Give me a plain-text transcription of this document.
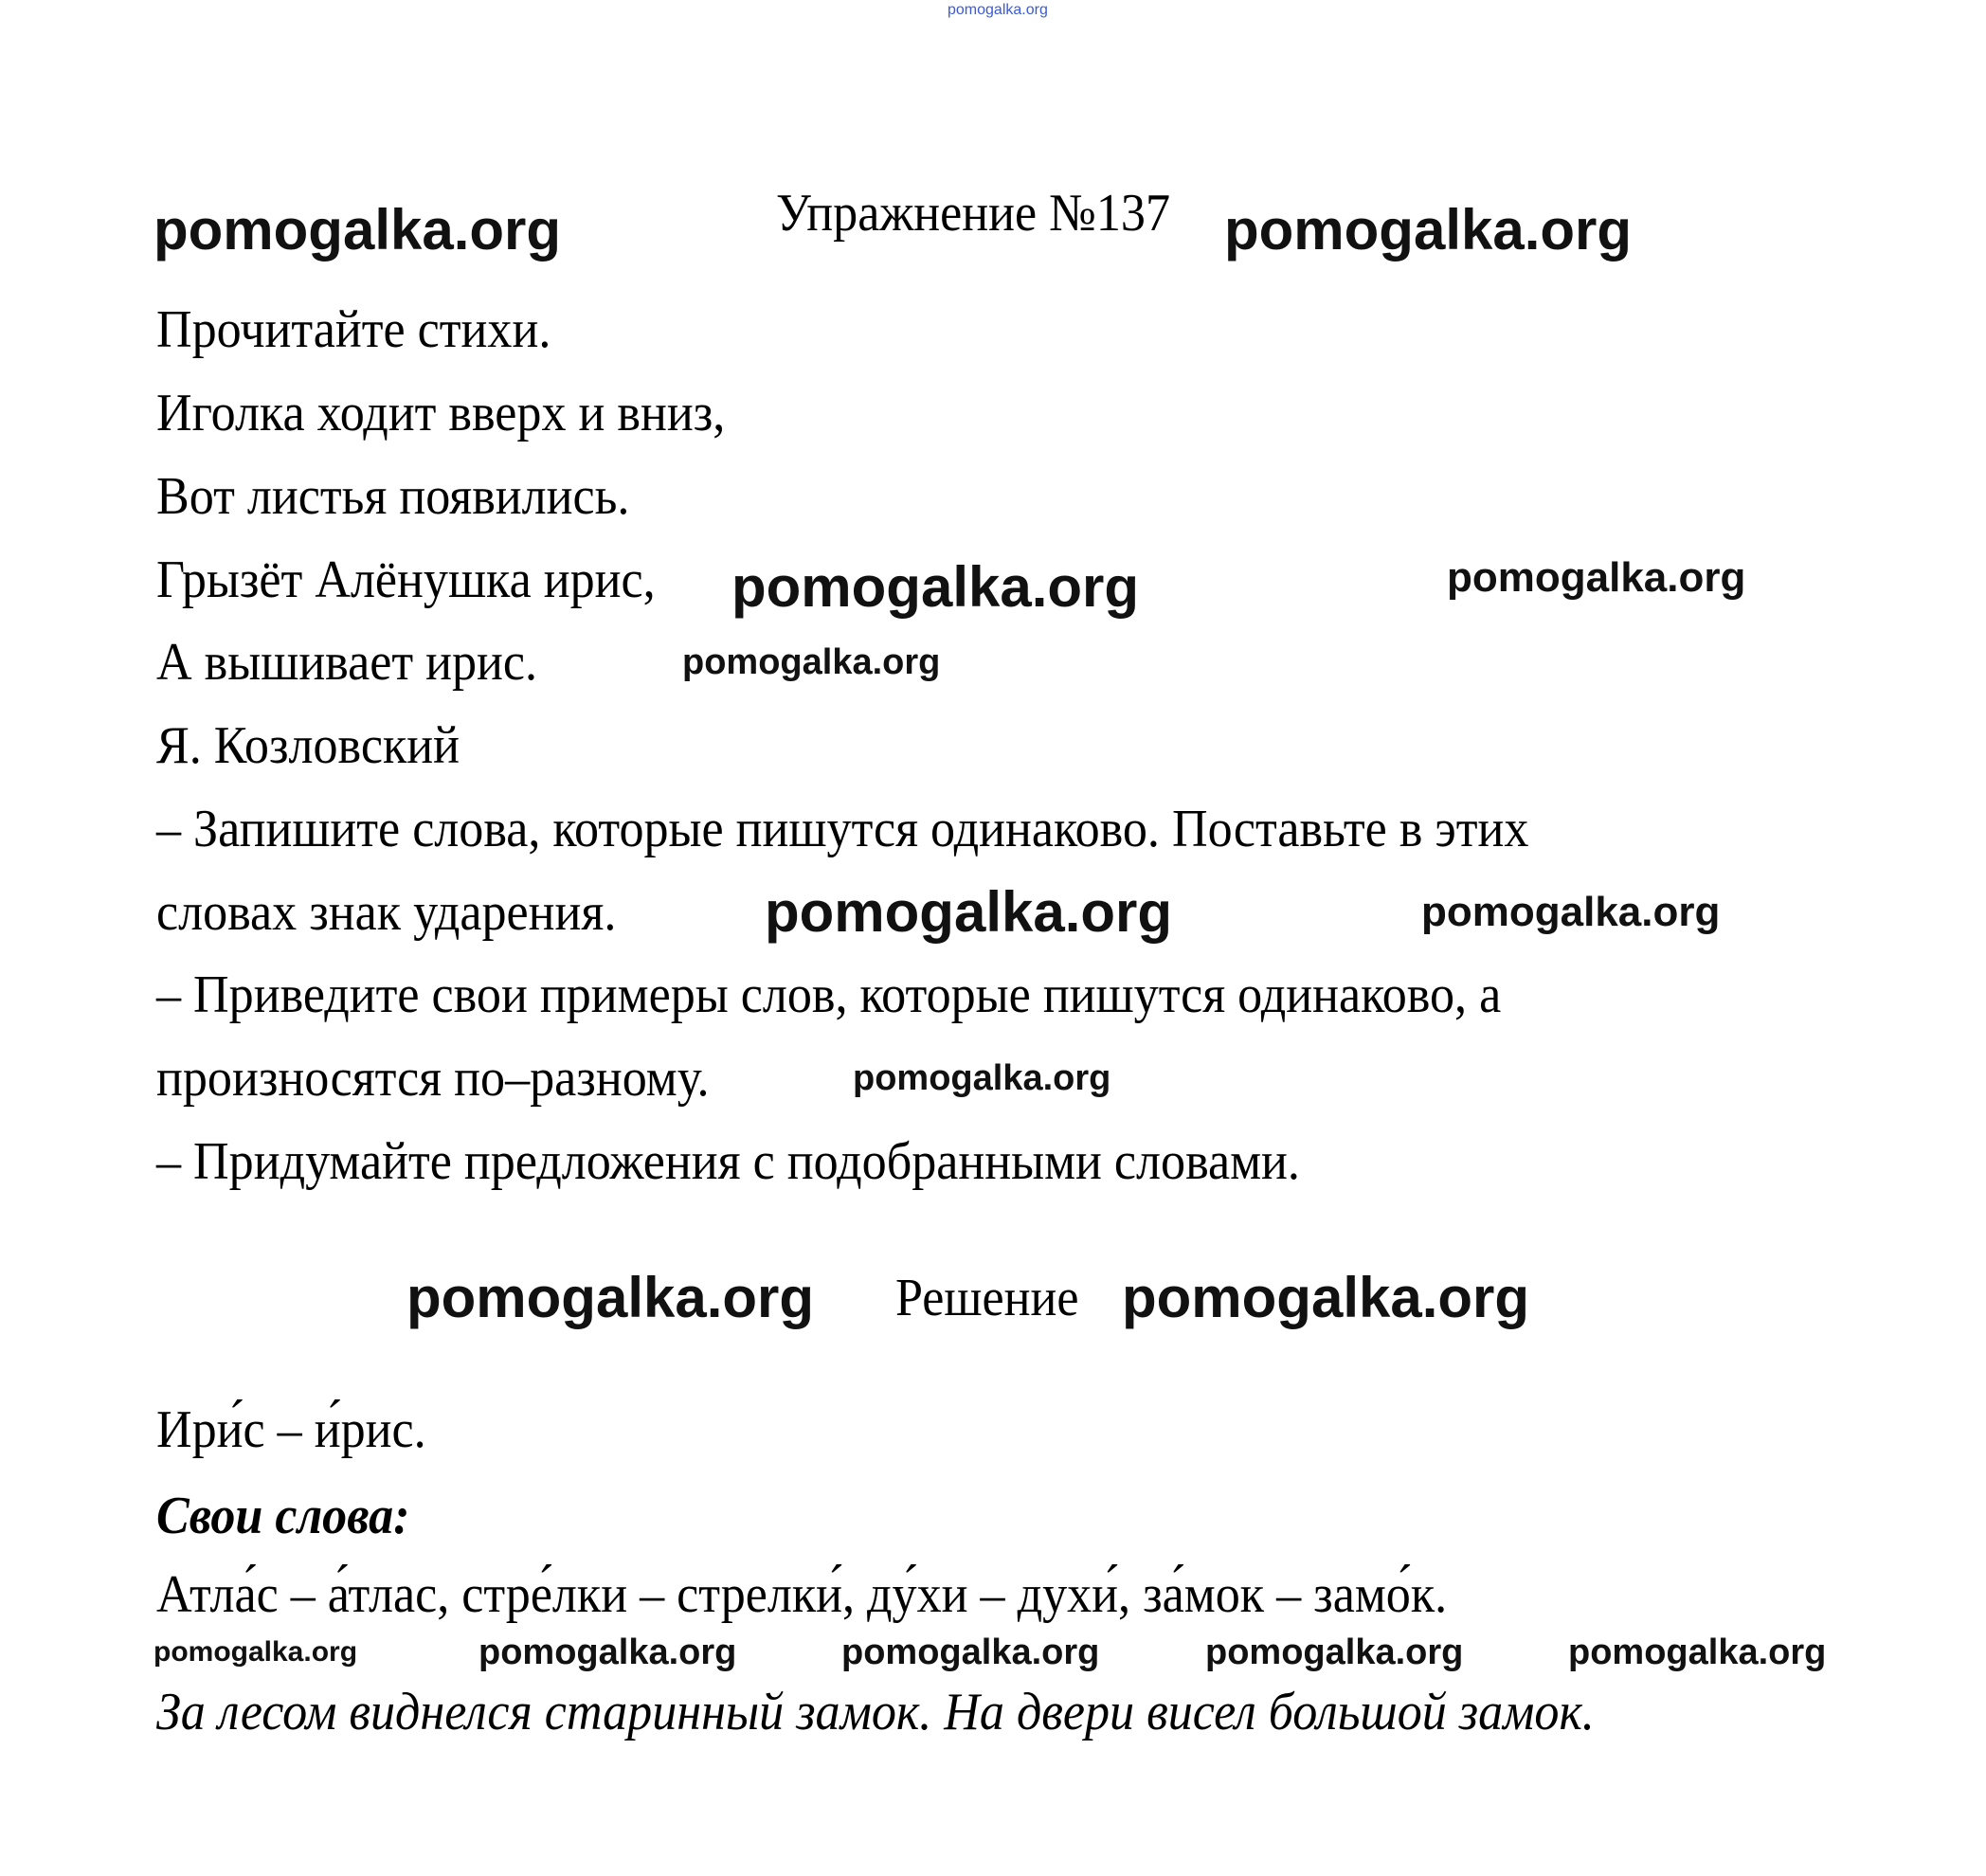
pomogalka.org
Упражнение №137
Прочитайте стихи.
Иголка ходит вверх и вниз,
Вот листья появились.
Грызёт Алёнушка ирис,
А вышивает ирис.
Я. Козловский
– Запишите слова, которые пишутся одинаково. Поставьте в этих
словах знак ударения.
– Приведите свои примеры слов, которые пишутся одинаково, а
произносятся по–разному.
– Придумайте предложения с подобранными словами.
Решение
Ири́с – и́рис.
Свои слова:
Атла́с – а́тлас, стре́лки – стрелки́, ду́хи – духи́, за́мок – замо́к.
За лесом виднелся старинный замок. На двери висел большой замок.
pomogalka.org	pomogalka.org
pomogalka.org	pomogalka.org
pomogalka.org
pomogalka.org
pomogalka.org
pomogalka.org
pomogalka.org	pomogalka.org
pomogalka.org	pomogalka.org	pomogalka.org	pomogalka.org	pomogalka.org
